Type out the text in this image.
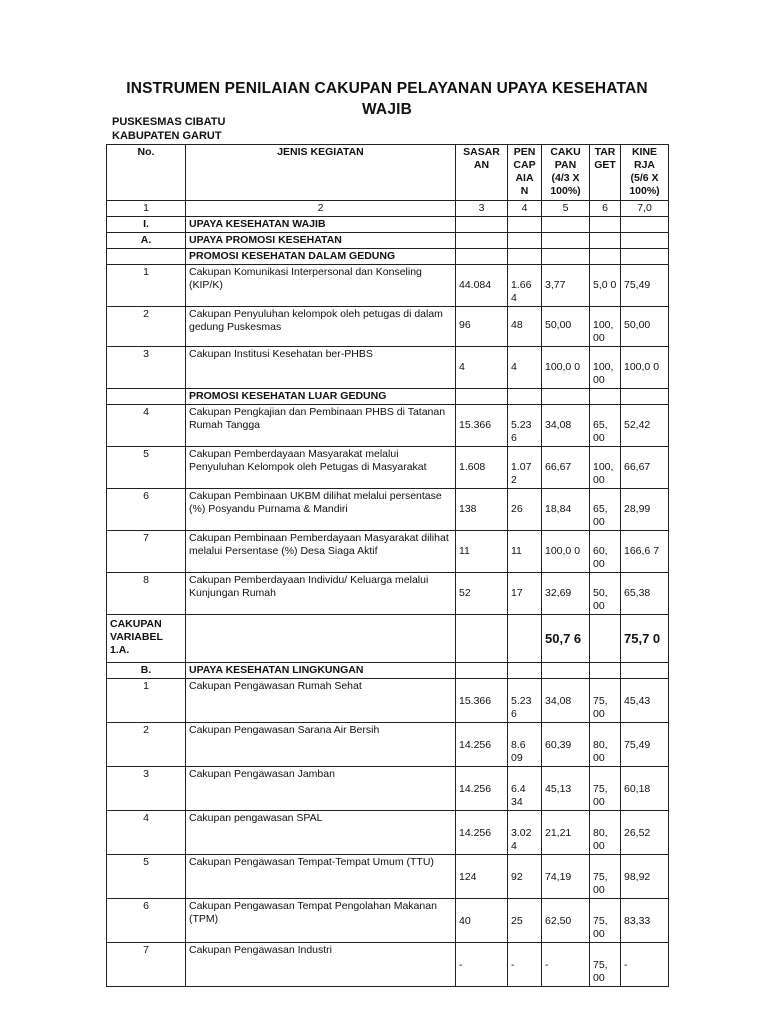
INSTRUMEN PENILAIAN CAKUPAN PELAYANAN UPAYA KESEHATAN WAJIB
PUSKESMAS CIBATU
KABUPATEN GARUT
No.	JENIS KEGIATAN	SASAR AN	PEN CAP AIA N	CAKU PAN (4/3 X 100%)	TAR GET	KINE RJA (5/6 X 100%)
1	2	3	4	5	6	7,0
I.	UPAYA KESEHATAN WAJIB					
A.	UPAYA PROMOSI KESEHATAN					
	PROMOSI KESEHATAN DALAM GEDUNG					
1	Cakupan Komunikasi Interpersonal dan Konseling (KIP/K)	44.084	1.66 4	3,77	5,0 0	75,49
2	Cakupan Penyuluhan kelompok oleh petugas di dalam gedung Puskesmas	96	48	50,00	100, 00	50,00
3	Cakupan Institusi Kesehatan ber-PHBS	4	4	100,0 0	100, 00	100,0 0
	PROMOSI KESEHATAN LUAR GEDUNG					
4	Cakupan Pengkajian dan Pembinaan PHBS di Tatanan Rumah Tangga	15.366	5.23 6	34,08	65, 00	52,42
5	Cakupan Pemberdayaan Masyarakat melalui Penyuluhan Kelompok oleh Petugas di Masyarakat	1.608	1.07 2	66,67	100, 00	66,67
6	Cakupan Pembinaan UKBM dilihat melalui persentase (%) Posyandu Purnama & Mandiri	138	26	18,84	65, 00	28,99
7	Cakupan Pembinaan Pemberdayaan Masyarakat dilihat melalui Persentase (%) Desa Siaga Aktif	11	11	100,0 0	60, 00	166,6 7
8	Cakupan Pemberdayaan Individu/ Keluarga melalui Kunjungan Rumah	52	17	32,69	50, 00	65,38
CAKUPAN VARIABEL 1.A.				50,7 6		75,7 0
B.	UPAYA KESEHATAN LINGKUNGAN					
1	Cakupan Pengawasan Rumah Sehat	15.366	5.23 6	34,08	75, 00	45,43
2	Cakupan Pengawasan Sarana Air Bersih	14.256	8.6 09	60,39	80, 00	75,49
3	Cakupan Pengawasan Jamban	14.256	6.4 34	45,13	75, 00	60,18
4	Cakupan pengawasan SPAL	14.256	3.02 4	21,21	80, 00	26,52
5	Cakupan Pengawasan Tempat-Tempat Umum (TTU)	124	92	74,19	75, 00	98,92
6	Cakupan Pengawasan Tempat Pengolahan Makanan (TPM)	40	25	62,50	75, 00	83,33
7	Cakupan Pengawasan Industri	-	-	-	75, 00	-
